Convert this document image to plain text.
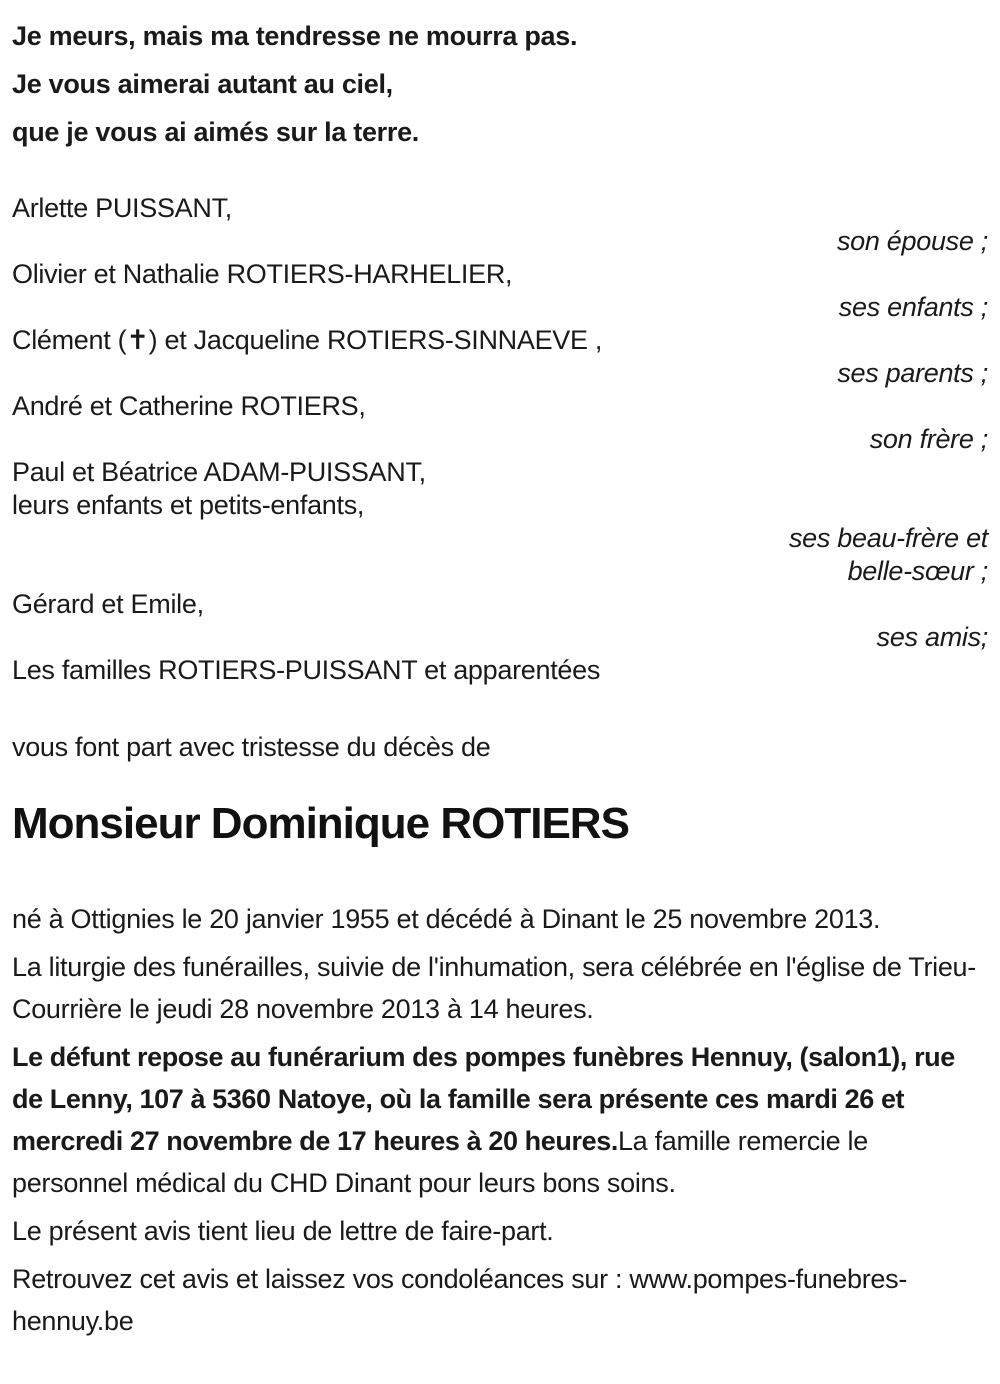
Je meurs, mais ma tendresse ne mourra pas.

Je vous aimerai autant au ciel,

que je vous ai aimés sur la terre.

Arlette PUISSANT,
son épouse ;
Olivier et Nathalie ROTIERS-HARHELIER,
ses enfants ;
Clément (✝) et Jacqueline ROTIERS-SINNAEVE ,
ses parents ;
André et Catherine ROTIERS,
son frère ;
Paul et Béatrice ADAM-PUISSANT,
leurs enfants et petits-enfants,
ses beau-frère et
belle-sœur ;
Gérard et Emile,
ses amis;
Les familles ROTIERS-PUISSANT et apparentées
vous font part avec tristesse du décès de
Monsieur Dominique ROTIERS

né à Ottignies le 20 janvier 1955 et décédé à Dinant le 25 novembre 2013.

La liturgie des funérailles, suivie de l'inhumation, sera célébrée en l'église de Trieu-Courrière le jeudi 28 novembre 2013 à 14 heures.

Le défunt repose au funérarium des pompes funèbres Hennuy, (salon1), rue de Lenny, 107 à 5360 Natoye, où la famille sera présente ces mardi 26 et mercredi 27 novembre de 17 heures à 20 heures.La famille remercie le personnel médical du CHD Dinant pour leurs bons soins.

Le présent avis tient lieu de lettre de faire-part.

Retrouvez cet avis et laissez vos condoléances sur : www.pompes-funebres-hennuy.be
